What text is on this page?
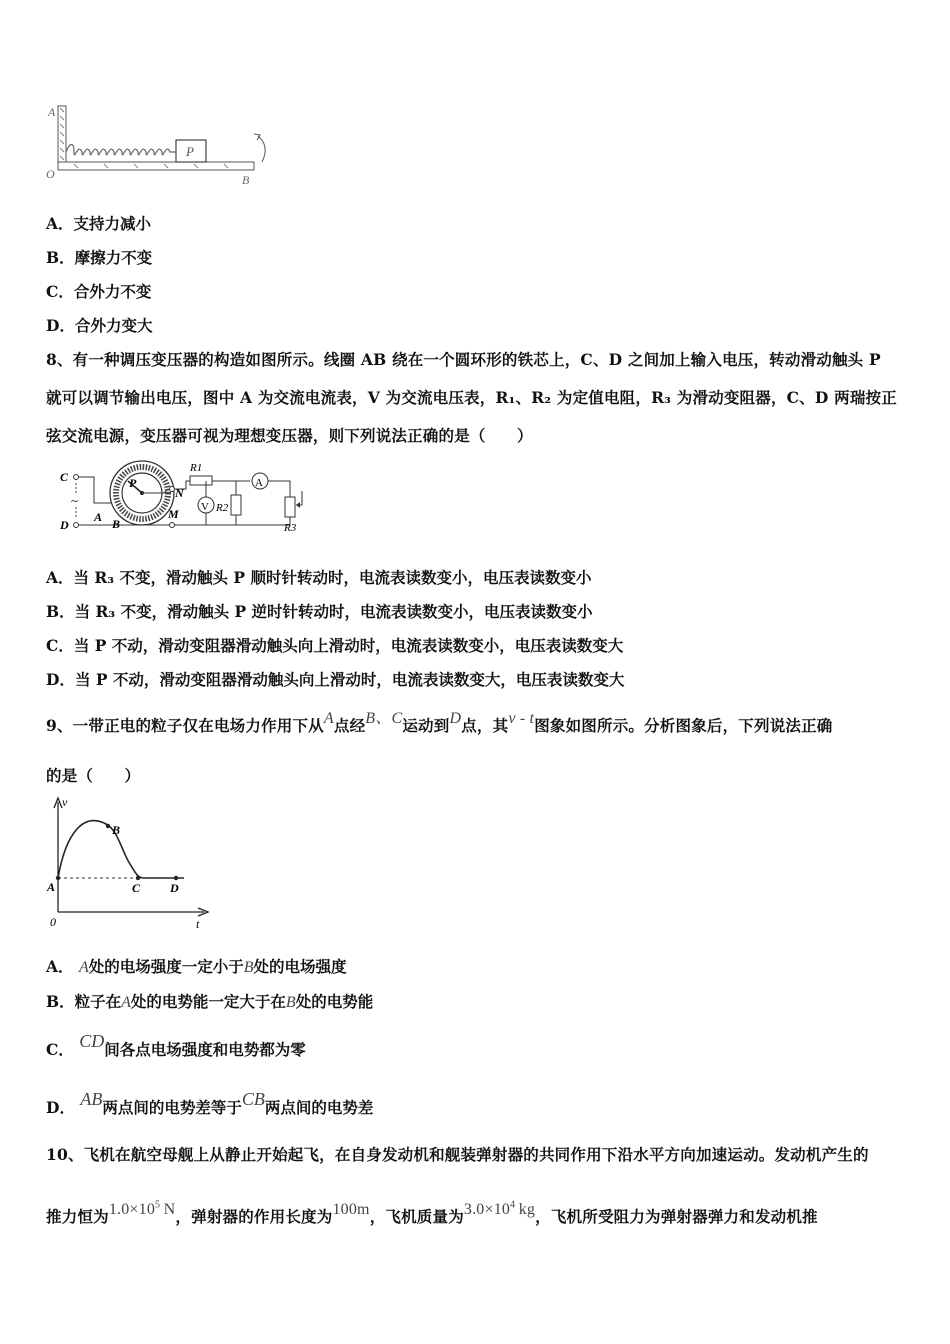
P
A
O	B
A．支持力减小
B．摩擦力不变
C．合外力不变
D．合外力变大
8、有一种调压变压器的构造如图所示。线圈 AB 绕在一个圆环形的铁芯上，C、D 之间加上输入电压，转动滑动触头 P
就可以调节输出电压，图中 A 为交流电流表，V 为交流电压表，R₁、R₂ 为定值电阻，R₃ 为滑动变阻器，C、D 两瑞按正
弦交流电源，变压器可视为理想变压器，则下列说法正确的是（　　）
C
D
~
P
A B
N
M
R1
A
V R2
R3
A．当 R₃ 不变，滑动触头 P 顺时针转动时，电流表读数变小，电压表读数变小
B．当 R₃ 不变，滑动触头 P 逆时针转动时，电流表读数变小，电压表读数变小
C．当 P 不动，滑动变阻器滑动触头向上滑动时，电流表读数变小，电压表读数变大
D．当 P 不动，滑动变阻器滑动触头向上滑动时，电流表读数变大，电压表读数变大
9、一带正电的粒子仅在电场力作用下从A点经B、C运动到D点，其v - t图象如图所示。分析图象后，下列说法正确
的是（　　）
v
t
0
A
B
C D
A． A处的电场强度一定小于B处的电场强度
B．粒子在A处的电势能一定大于在B处的电势能
C． CD间各点电场强度和电势都为零
D． AB两点间的电势差等于CB两点间的电势差
10、飞机在航空母舰上从静止开始起飞，在自身发动机和舰装弹射器的共同作用下沿水平方向加速运动。发动机产生的
推力恒为$1.0\times 10^5$  N，弹射器的作用长度为100m，飞机质量为$3.0\times 10^4$  kg，飞机所受阻力为弹射器弹力和发动机推
